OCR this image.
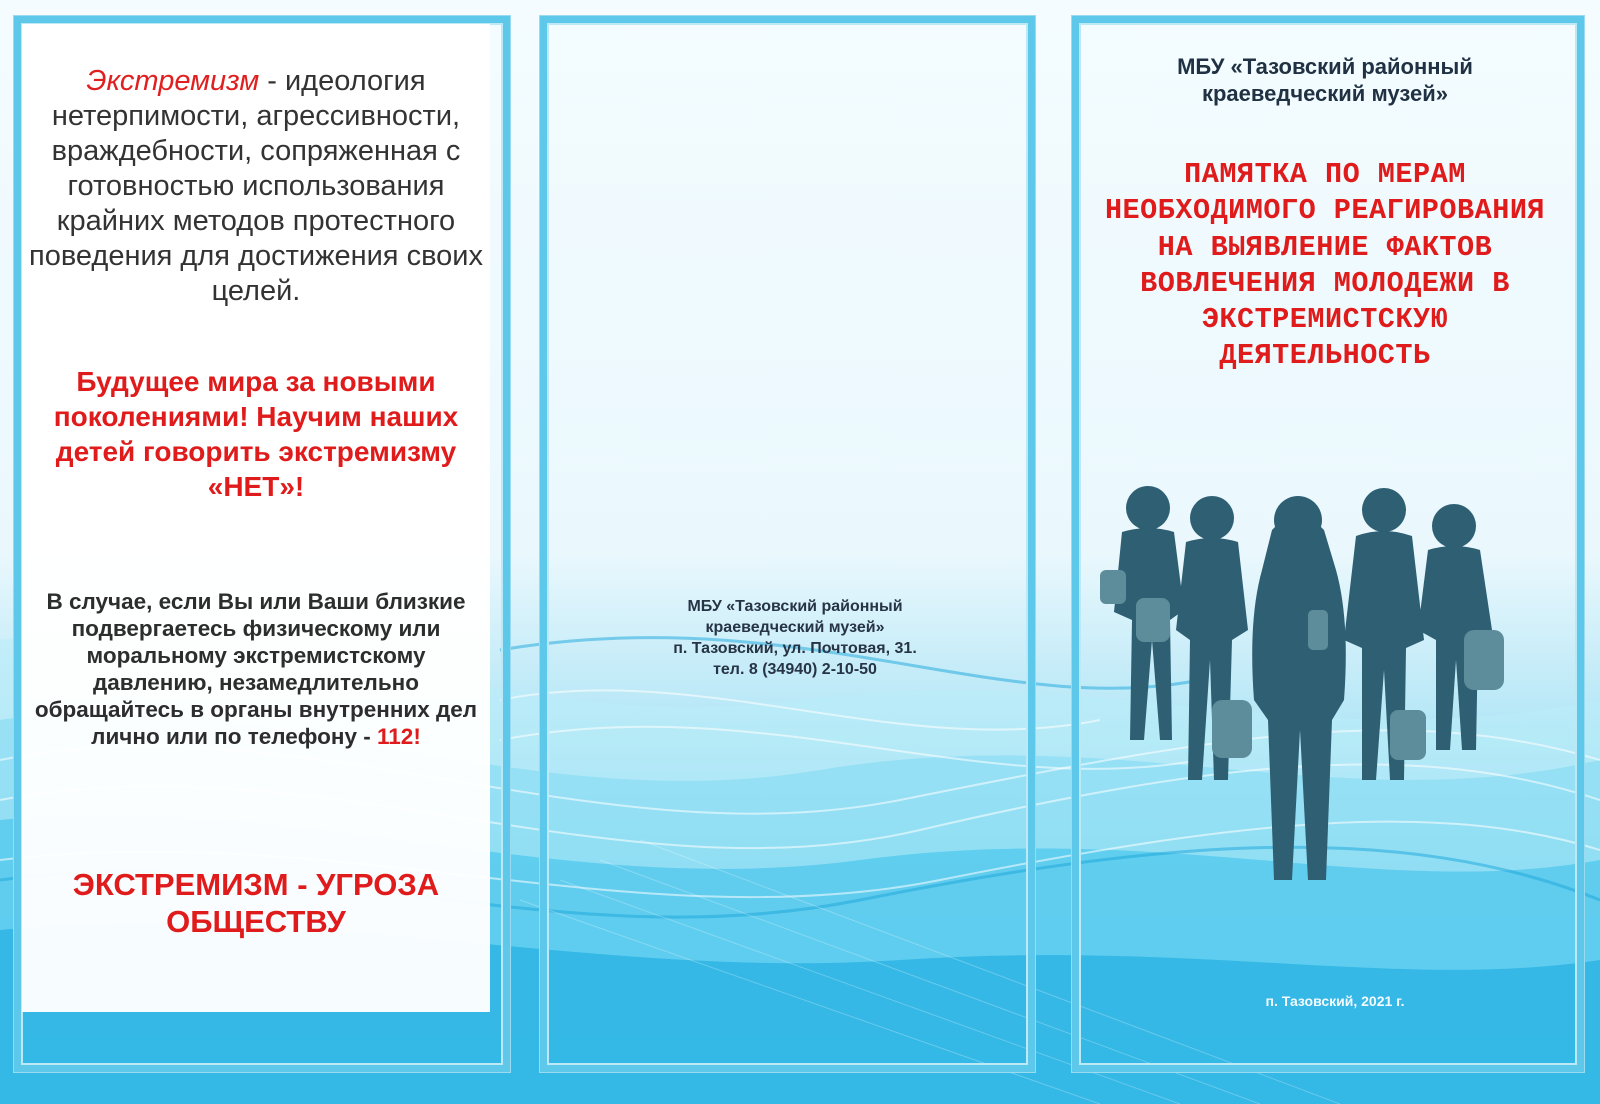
Экстремизм - идеология нетерпимости, агрессивности, враждебности, сопряженная с готовностью использования крайних методов протестного поведения для достижения своих целей.
Будущее мира за новыми поколениями! Научим наших детей говорить экстремизму «НЕТ»!
В случае, если Вы или Ваши близкие подвергаетесь физическому или моральному экстремистскому давлению, незамедлительно обращайтесь в органы внутренних дел лично или по телефону - 112!
ЭКСТРЕМИЗМ - УГРОЗА ОБЩЕСТВУ
МБУ «Тазовский районный
краеведческий музей»
п. Тазовский, ул. Почтовая, 31.
тел. 8 (34940) 2-10-50
МБУ «Тазовский районный
краеведческий музей»
ПАМЯТКА ПО МЕРАМ НЕОБХОДИМОГО РЕАГИРОВАНИЯ НА ВЫЯВЛЕНИЕ ФАКТОВ ВОВЛЕЧЕНИЯ МОЛОДЕЖИ В ЭКСТРЕМИСТСКУЮ ДЕЯТЕЛЬНОСТЬ
п. Тазовский, 2021 г.
